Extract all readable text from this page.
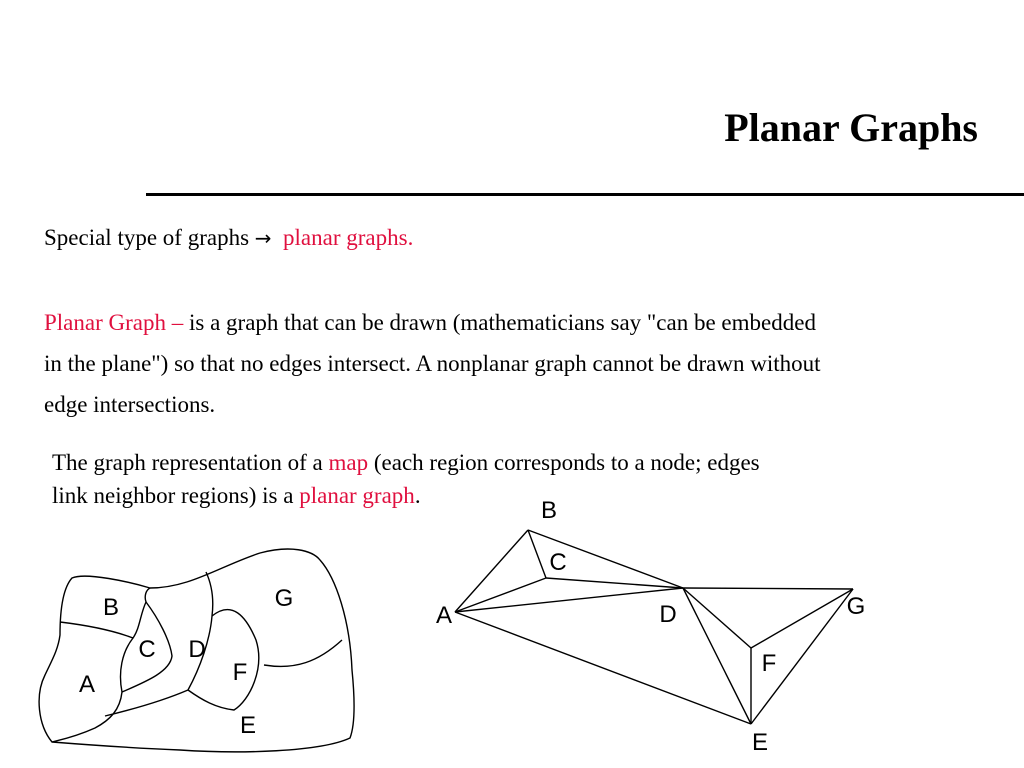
Planar Graphs
Special type of graphs → planar graphs.
Planar Graph – is a graph that can be drawn (mathematicians say "can be embedded
in the plane") so that no edges intersect. A nonplanar graph cannot be drawn without
edge intersections.
The graph representation of a map (each region corresponds to a node; edges
link neighbor regions) is a planar graph.
B
C D
A	F
G
E
B
C
A	D	G
F
E
